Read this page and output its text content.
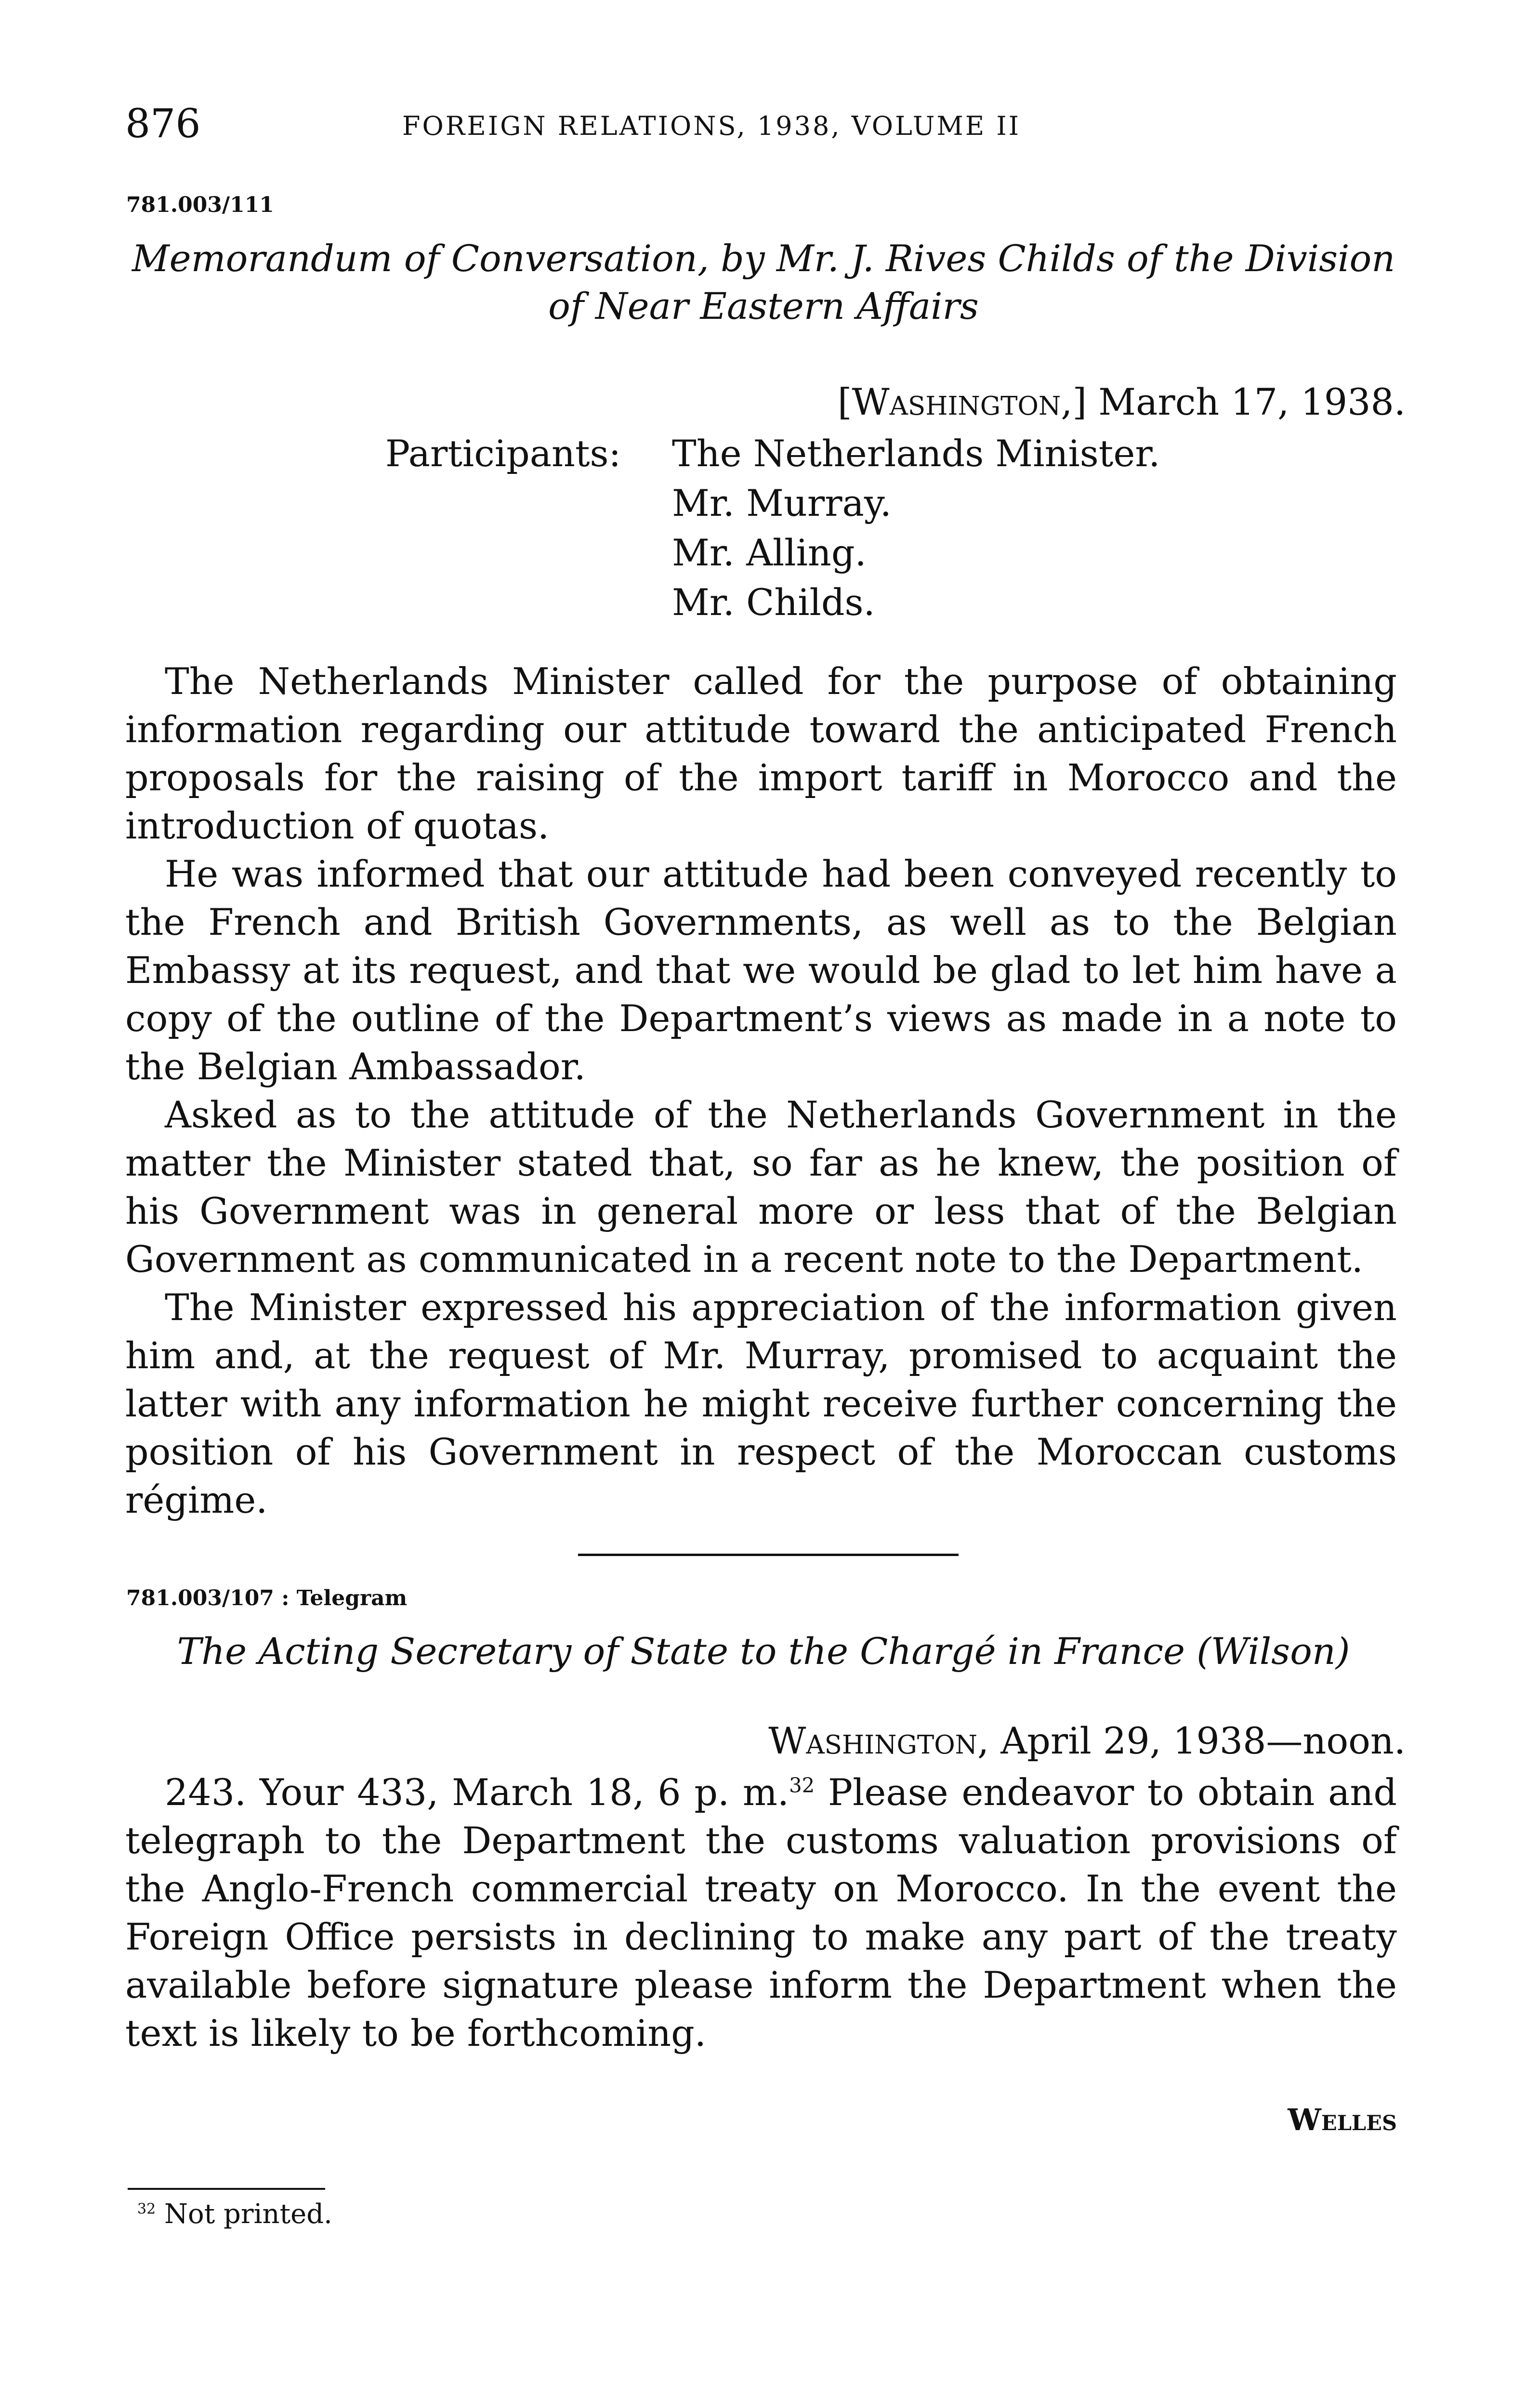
876	FOREIGN RELATIONS, 1938, VOLUME II
781.003/111
Memorandum of Conversation, by Mr. J. Rives Childs of the Division
of Near Eastern Affairs
[Washington,] March 17, 1938.
Participants: The Netherlands Minister.
Mr. Murray.
Mr. Alling.
Mr. Childs.

The Netherlands Minister called for the purpose of obtaining information regarding our attitude toward the anticipated French proposals for the raising of the import tariff in Morocco and the introduction of quotas.

He was informed that our attitude had been conveyed recently to the French and British Governments, as well as to the Belgian Embassy at its request, and that we would be glad to let him have a copy of the outline of the Department’s views as made in a note to the Belgian Ambassador.

Asked as to the attitude of the Netherlands Government in the matter the Minister stated that, so far as he knew, the position of his Government was in general more or less that of the Belgian Government as communicated in a recent note to the Department.

The Minister expressed his appreciation of the information given him and, at the request of Mr. Murray, promised to acquaint the latter with any information he might receive further concerning the position of his Government in respect of the Moroccan customs régime.

781.003/107 : Telegram
The Acting Secretary of State to the Chargé in France (Wilson)
Washington, April 29, 1938—noon.

243. Your 433, March 18, 6 p. m.$^{32}$ Please endeavor to obtain and telegraph to the Department the customs valuation provisions of the Anglo-French commercial treaty on Morocco. In the event the Foreign Office persists in declining to make any part of the treaty available before signature please inform the Department when the text is likely to be forthcoming.

Welles
$^{32}$ Not printed.
